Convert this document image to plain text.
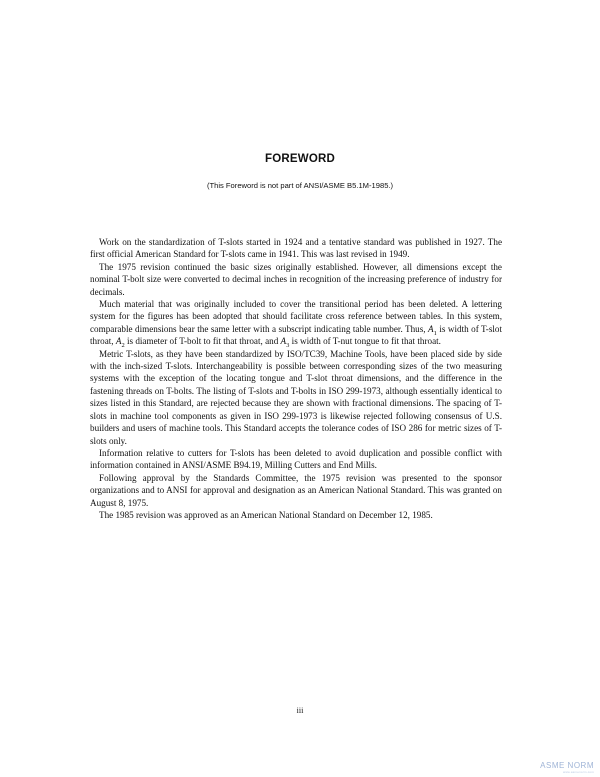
FOREWORD
(This Foreword is not part of ANSI/ASME B5.1M-1985.)

Work on the standardization of T-slots started in 1924 and a tentative standard was published in 1927. The first official American Standard for T-slots came in 1941. This was last revised in 1949.

The 1975 revision continued the basic sizes originally established. However, all dimensions except the nominal T-bolt size were converted to decimal inches in recognition of the increasing preference of industry for decimals.

Much material that was originally included to cover the transitional period has been deleted. A lettering system for the figures has been adopted that should facilitate cross reference between tables. In this system, comparable dimensions bear the same letter with a subscript indicating table number. Thus, $A_1$ is width of T-slot throat, $A_2$ is diameter of T-bolt to fit that throat, and $A_3$ is width of T-nut tongue to fit that throat.

Metric T-slots, as they have been standardized by ISO/TC39, Machine Tools, have been placed side by side with the inch-sized T-slots. Interchangeability is possible between corresponding sizes of the two measuring systems with the exception of the locating tongue and T-slot throat dimensions, and the difference in the fastening threads on T-bolts. The listing of T-slots and T-bolts in ISO 299-1973, although essentially identical to sizes listed in this Standard, are rejected because they are shown with fractional dimensions. The spacing of T-slots in machine tool components as given in ISO 299-1973 is likewise rejected following consensus of U.S. builders and users of machine tools. This Standard accepts the tolerance codes of ISO 286 for metric sizes of T-slots only.

Information relative to cutters for T-slots has been deleted to avoid duplication and possible conflict with information contained in ANSI/ASME B94.19, Milling Cutters and End Mills.

Following approval by the Standards Committee, the 1975 revision was presented to the sponsor organizations and to ANSI for approval and designation as an American National Standard. This was granted on August 8, 1975.

The 1985 revision was approved as an American National Standard on December 12, 1985.

iii
ASME NORM
www.asmenorm.com
